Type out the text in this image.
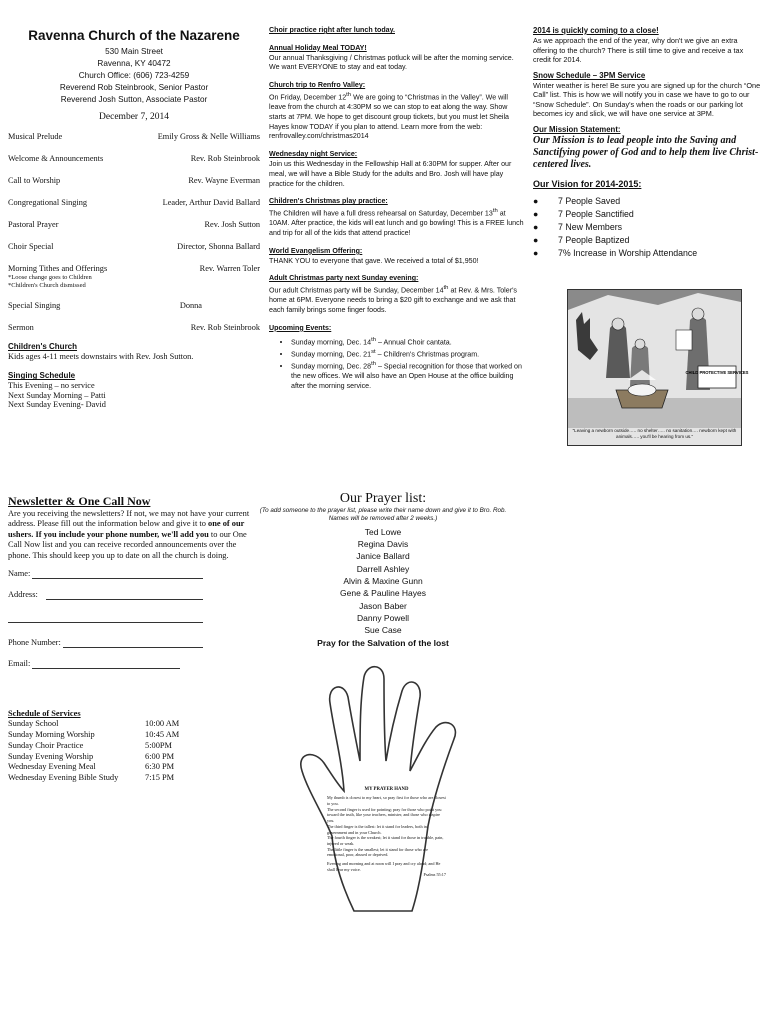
Ravenna Church of the Nazarene
530 Main Street
Ravenna, KY 40472
Church Office: (606) 723-4259
Reverend Rob Steinbrook, Senior Pastor
Reverend Josh Sutton, Associate Pastor
December 7, 2014
Musical Prelude	Emily Gross & Nelle Williams
Welcome & Announcements	Rev. Rob Steinbrook
Call to Worship	Rev. Wayne Everman
Congregational Singing	Leader, Arthur David Ballard
Pastoral Prayer	Rev. Josh Sutton
Choir Special	Director, Shonna Ballard
Morning Tithes and Offerings	Rev. Warren Toler
*Loose change goes to Children
*Children's Church dismissed
Special Singing	Donna
Sermon	Rev. Rob Steinbrook
Children's Church
Kids ages 4-11 meets downstairs with Rev. Josh Sutton.
Singing Schedule

This Evening – no service

Next Sunday Morning – Patti

Next Sunday Evening- David

Choir practice right after lunch today.
Annual Holiday Meal TODAY!

Our annual Thanksgiving / Christmas potluck will be after the morning service. We want EVERYONE to stay and eat today.

Church trip to Renfro Valley:

On Friday, December 12th We are going to “Christmas in the Valley”. We will leave from the church at 4:30PM so we can stop to eat along the way. Show starts at 7PM. We hope to get discount group tickets, but you must let Sheila Hayes know TODAY if you plan to attend. Learn more from the web: renfrovalley.com/christmas2014

Wednesday night Service:

Join us this Wednesday in the Fellowship Hall at 6:30PM for supper. After our meal, we will have a Bible Study for the adults and Bro. Josh will have play practice for the children.

Children's Christmas play practice:

The Children will have a full dress rehearsal on Saturday, December 13th at 10AM. After practice, the kids will eat lunch and go bowling! This is a FREE lunch and trip for all of the kids that attend practice!

World Evangelism Offering:

THANK YOU to everyone that gave. We received a total of $1,950!

Adult Christmas party next Sunday evening:

Our adult Christmas party will be Sunday, December 14th at Rev. & Mrs. Toler's home at 6PM. Everyone needs to bring a $20 gift to exchange and we ask that each family brings some finger foods.

Upcoming Events:
• Sunday morning, Dec. 14th – Annual Choir cantata.
• Sunday morning, Dec. 21st – Children's Christmas program.
• Sunday morning, Dec. 28th – Special recognition for those that worked on the new offices. We will also have an Open House at the office building after the morning service.
2014 is quickly coming to a close!

As we approach the end of the year, why don't we give an extra offering to the church? There is still time to give and receive a tax credit for 2014.

Snow Schedule – 3PM Service

Winter weather is here! Be sure you are signed up for the church “One Call” list. This is how we will notify you in case we have to go to our “Snow Schedule”. On Sunday's when the roads or our parking lot becomes icy and slick, we will have one service at 3PM.

Our Mission Statement:

Our Mission is to lead people into the Saving and Sanctifying power of God and to help them live Christ-centered lives.

Our Vision for 2014-2015:
●	7 People Saved
●	7 People Sanctified
●	7 New Members
●	7 People Baptized
●	7% Increase in Worship Attendance
CHILD PROTECTIVE SERVICES
“Leaving a newborn outside….. no shelter….. no sanitation…. newborn kept with animals….. you'll be hearing from us.”
Newsletter & One Call Now

Are you receiving the newsletters? If not, we may not have your current address. Please fill out the information below and give it to one of our ushers. If you include your phone number, we'll add you to our One Call Now list and you can receive recorded announcements over the phone. This should keep you up to date on all the church is doing.

Name:
Address:
Phone Number:
Email:
Schedule of Services
Sunday School	10:00 AM
Sunday Morning Worship	10:45 AM
Sunday Choir Practice	5:00PM
Sunday Evening Worship	6:00 PM
Wednesday Evening Meal	6:30 PM
Wednesday Evening Bible Study	7:15 PM
Our Prayer list:
(To add someone to the prayer list, please write their name down and give it to Bro. Rob. Names will be removed after 2 weeks.)
Ted Lowe
Regina Davis
Janice Ballard
Darrell Ashley
Alvin & Maxine Gunn
Gene & Pauline Hayes
Jason Baber
Danny Powell
Sue Case
Pray for the Salvation of the lost
MY PRAYER HAND

My thumb is closest to my heart, so pray first for those who are closest to you.

The second finger is used for pointing; pray for those who point you toward the truth, like your teachers, minister, and those who inspire you.

The third finger is the tallest: let it stand for leaders, both in government and in your Church.

The fourth finger is the weakest; let it stand for those in trouble, pain, injured or weak.

The little finger is the smallest; let it stand for those who are emotional, poor, abused or deprived.

Evening and morning and at noon will I pray and cry aloud; and He shall hear my voice.

Psalms 55:17
